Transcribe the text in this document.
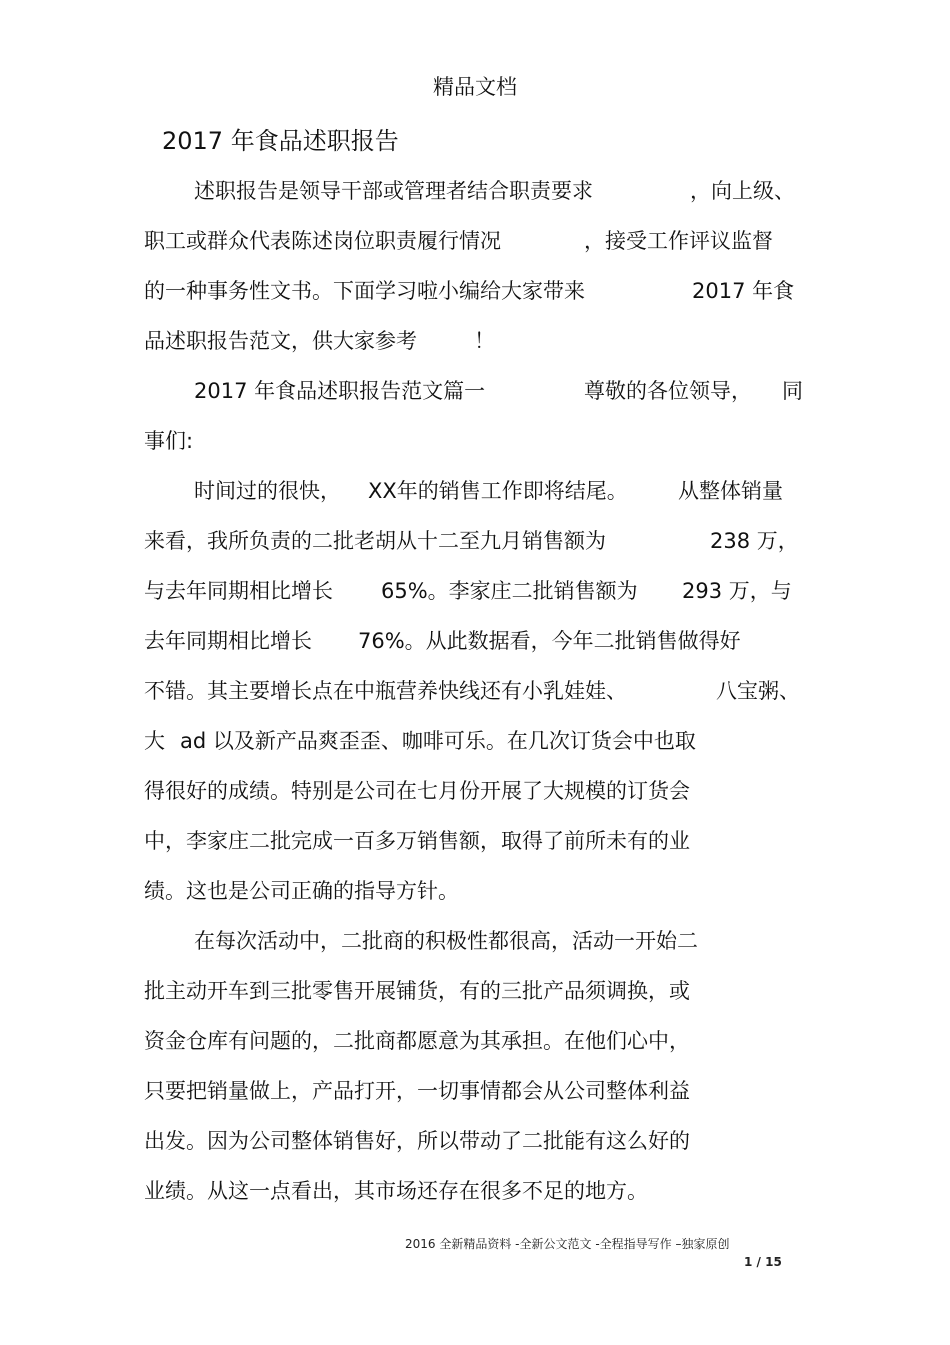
精品文档
2017 年食品述职报告
述职报告是领导干部或管理者结合职责要求	，向上级、
职工或群众代表陈述岗位职责履行情况	，接受工作评议监督
的一种事务性文书。下面学习啦小编给大家带来	2017 年食
品述职报告范文，供大家参考	！
2017 年食品述职报告范文篇一	尊敬的各位领导， 同
事们:
时间过的很快， XX年的销售工作即将结尾。 从整体销量
来看，我所负责的二批老胡从十二至九月销售额为	238 万，
与去年同期相比增长 65%。李家庄二批销售额为 293 万，与
去年同期相比增长 76%。从此数据看，今年二批销售做得好
不错。其主要增长点在中瓶营养快线还有小乳娃娃、	八宝粥、
大 ad 以及新产品爽歪歪、咖啡可乐。在几次订货会中也取
得很好的成绩。特别是公司在七月份开展了大规模的订货会
中，李家庄二批完成一百多万销售额，取得了前所未有的业
绩。这也是公司正确的指导方针。
在每次活动中，二批商的积极性都很高，活动一开始二
批主动开车到三批零售开展铺货，有的三批产品须调换，或
资金仓库有问题的，二批商都愿意为其承担。在他们心中，
只要把销量做上，产品打开，一切事情都会从公司整体利益
出发。因为公司整体销售好，所以带动了二批能有这么好的
业绩。从这一点看出，其市场还存在很多不足的地方。
2016 全新精品资料 -全新公文范文 -全程指导写作 –独家原创
1 / 15
